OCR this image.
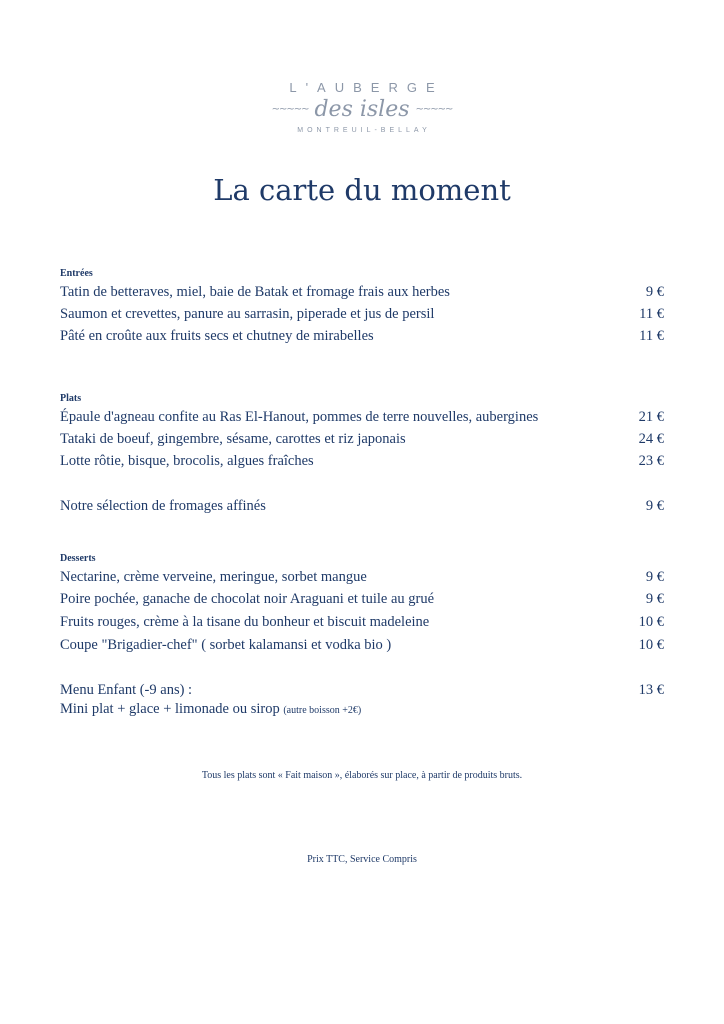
L'AUBERGE
~~~~~ des isles ~~~~~
MONTREUIL-BELLAY
La carte du moment
Entrées
Tatin de betteraves, miel, baie de Batak et fromage frais aux herbes	9 €
Saumon et crevettes, panure au sarrasin, piperade et jus de persil	11 €
Pâté en croûte aux fruits secs et chutney de mirabelles	11 €
Plats
Épaule d'agneau confite au Ras El-Hanout, pommes de terre nouvelles, aubergines	21 €
Tataki de boeuf, gingembre, sésame, carottes et riz japonais	24 €
Lotte rôtie, bisque, brocolis, algues fraîches	23 €
Notre sélection de fromages affinés	9 €
Desserts
Nectarine, crème verveine, meringue, sorbet mangue	9 €
Poire pochée, ganache de chocolat noir Araguani et tuile au grué	9 €
Fruits rouges, crème à la tisane du bonheur et biscuit madeleine	10 €
Coupe "Brigadier-chef" ( sorbet kalamansi et vodka bio )	10 €
Menu Enfant (-9 ans) :	13 €
Mini plat + glace + limonade ou sirop (autre boisson +2€)
Tous les plats sont « Fait maison », élaborés sur place, à partir de produits bruts.
Prix TTC, Service Compris
